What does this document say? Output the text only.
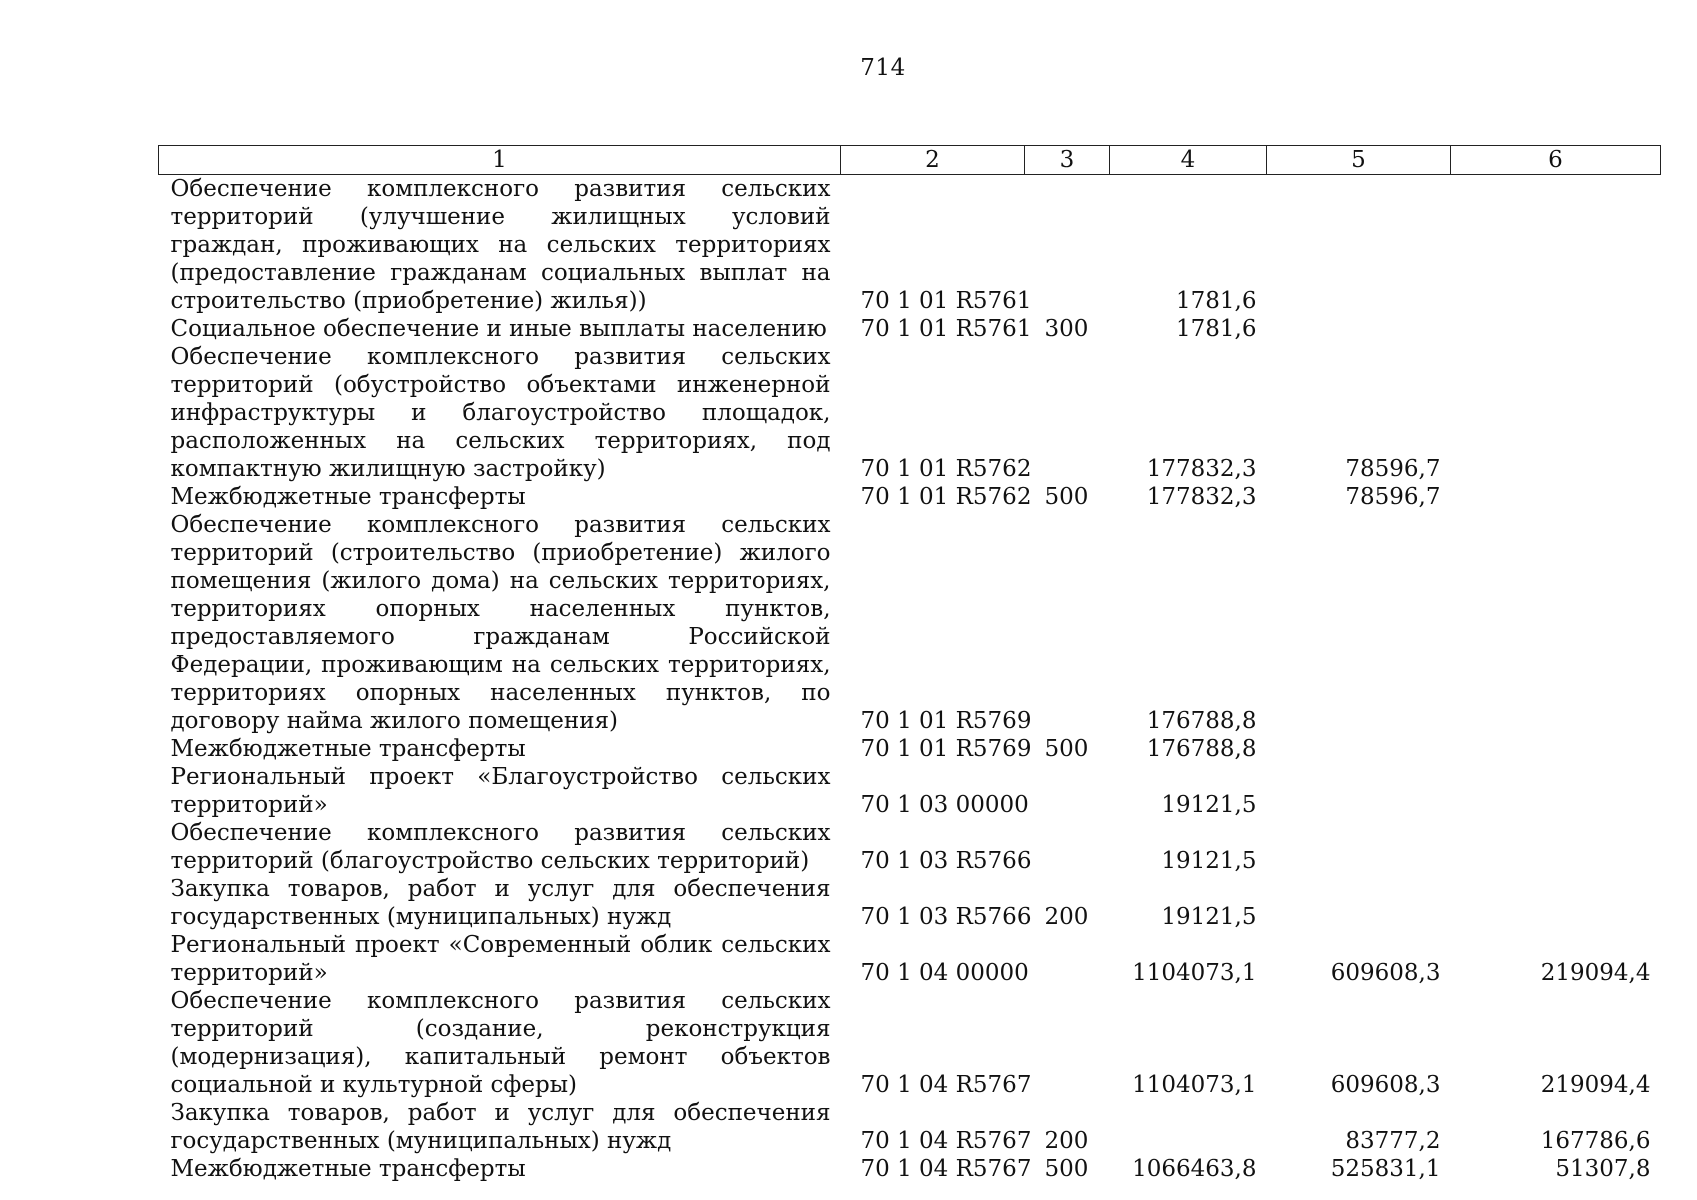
714
1	2	3	4	5	6
Обеспечение комплексного развития сельских территорий (улучшение жилищных условий граждан, проживающих на сельских территориях (предоставление гражданам социальных выплат на строительство (приобретение) жилья))	70 1 01 R5761		1781,6		
Социальное обеспечение и иные выплаты населению	70 1 01 R5761	300	1781,6		
Обеспечение комплексного развития сельских территорий (обустройство объектами инженерной инфраструктуры и благоустройство площадок, расположенных на сельских территориях, под компактную жилищную застройку)	70 1 01 R5762		177832,3	78596,7	
Межбюджетные трансферты	70 1 01 R5762	500	177832,3	78596,7	
Обеспечение комплексного развития сельских территорий (строительство (приобретение) жилого помещения (жилого дома) на сельских территориях, территориях опорных населенных пунктов, предоставляемого гражданам Российской Федерации, проживающим на сельских территориях, территориях опорных населенных пунктов, по договору найма жилого помещения)	70 1 01 R5769		176788,8		
Межбюджетные трансферты	70 1 01 R5769	500	176788,8		
Региональный проект «Благоустройство сельских территорий»	70 1 03 00000		19121,5		
Обеспечение комплексного развития сельских территорий (благоустройство сельских территорий)	70 1 03 R5766		19121,5		
Закупка товаров, работ и услуг для обеспечения государственных (муниципальных) нужд	70 1 03 R5766	200	19121,5		
Региональный проект «Современный облик сельских территорий»	70 1 04 00000		1104073,1	609608,3	219094,4
Обеспечение комплексного развития сельских территорий (создание, реконструкция (модернизация), капитальный ремонт объектов социальной и культурной сферы)	70 1 04 R5767		1104073,1	609608,3	219094,4
Закупка товаров, работ и услуг для обеспечения государственных (муниципальных) нужд	70 1 04 R5767	200		83777,2	167786,6
Межбюджетные трансферты	70 1 04 R5767	500	1066463,8	525831,1	51307,8
